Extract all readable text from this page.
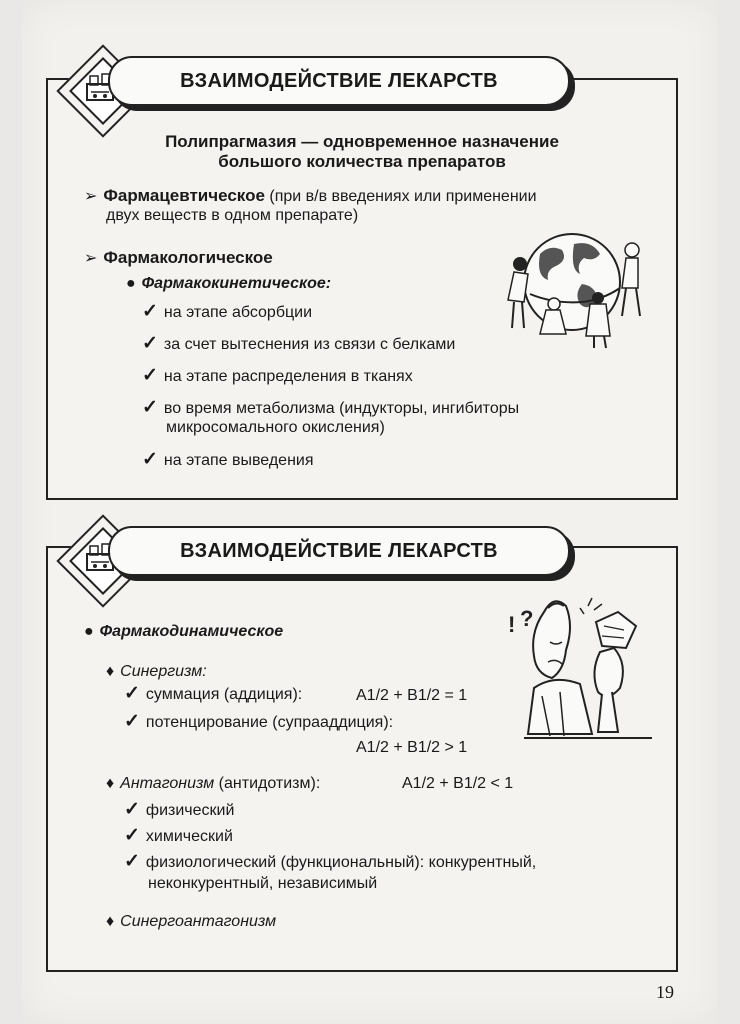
ВЗАИМОДЕЙСТВИЕ ЛЕКАРСТВ
Полипрагмазия — одновременное назначение
большого количества препаратов
➢ Фармацевтическое (при в/в введениях или применении
двух веществ в одном препарате)
➢ Фармакологическое
● Фармакокинетическое:
✓ на этапе абсорбции
✓ за счет вытеснения из связи с белками
✓ на этапе распределения в тканях
✓ во время метаболизма (индукторы, ингибиторы
микросомального окисления)
✓ на этапе выведения
ВЗАИМОДЕЙСТВИЕ ЛЕКАРСТВ
● Фармакодинамическое
♦ Синергизм:
✓ суммация (аддиция):	A1/2 + B1/2 = 1
✓ потенцирование (супрааддиция):
A1/2 + B1/2 > 1
♦ Антагонизм (антидотизм):	A1/2 + B1/2 < 1
✓ физический
✓ химический
✓ физиологический (функциональный): конкурентный,
неконкурентный, независимый
♦ Синергоантагонизм
! ?
19
